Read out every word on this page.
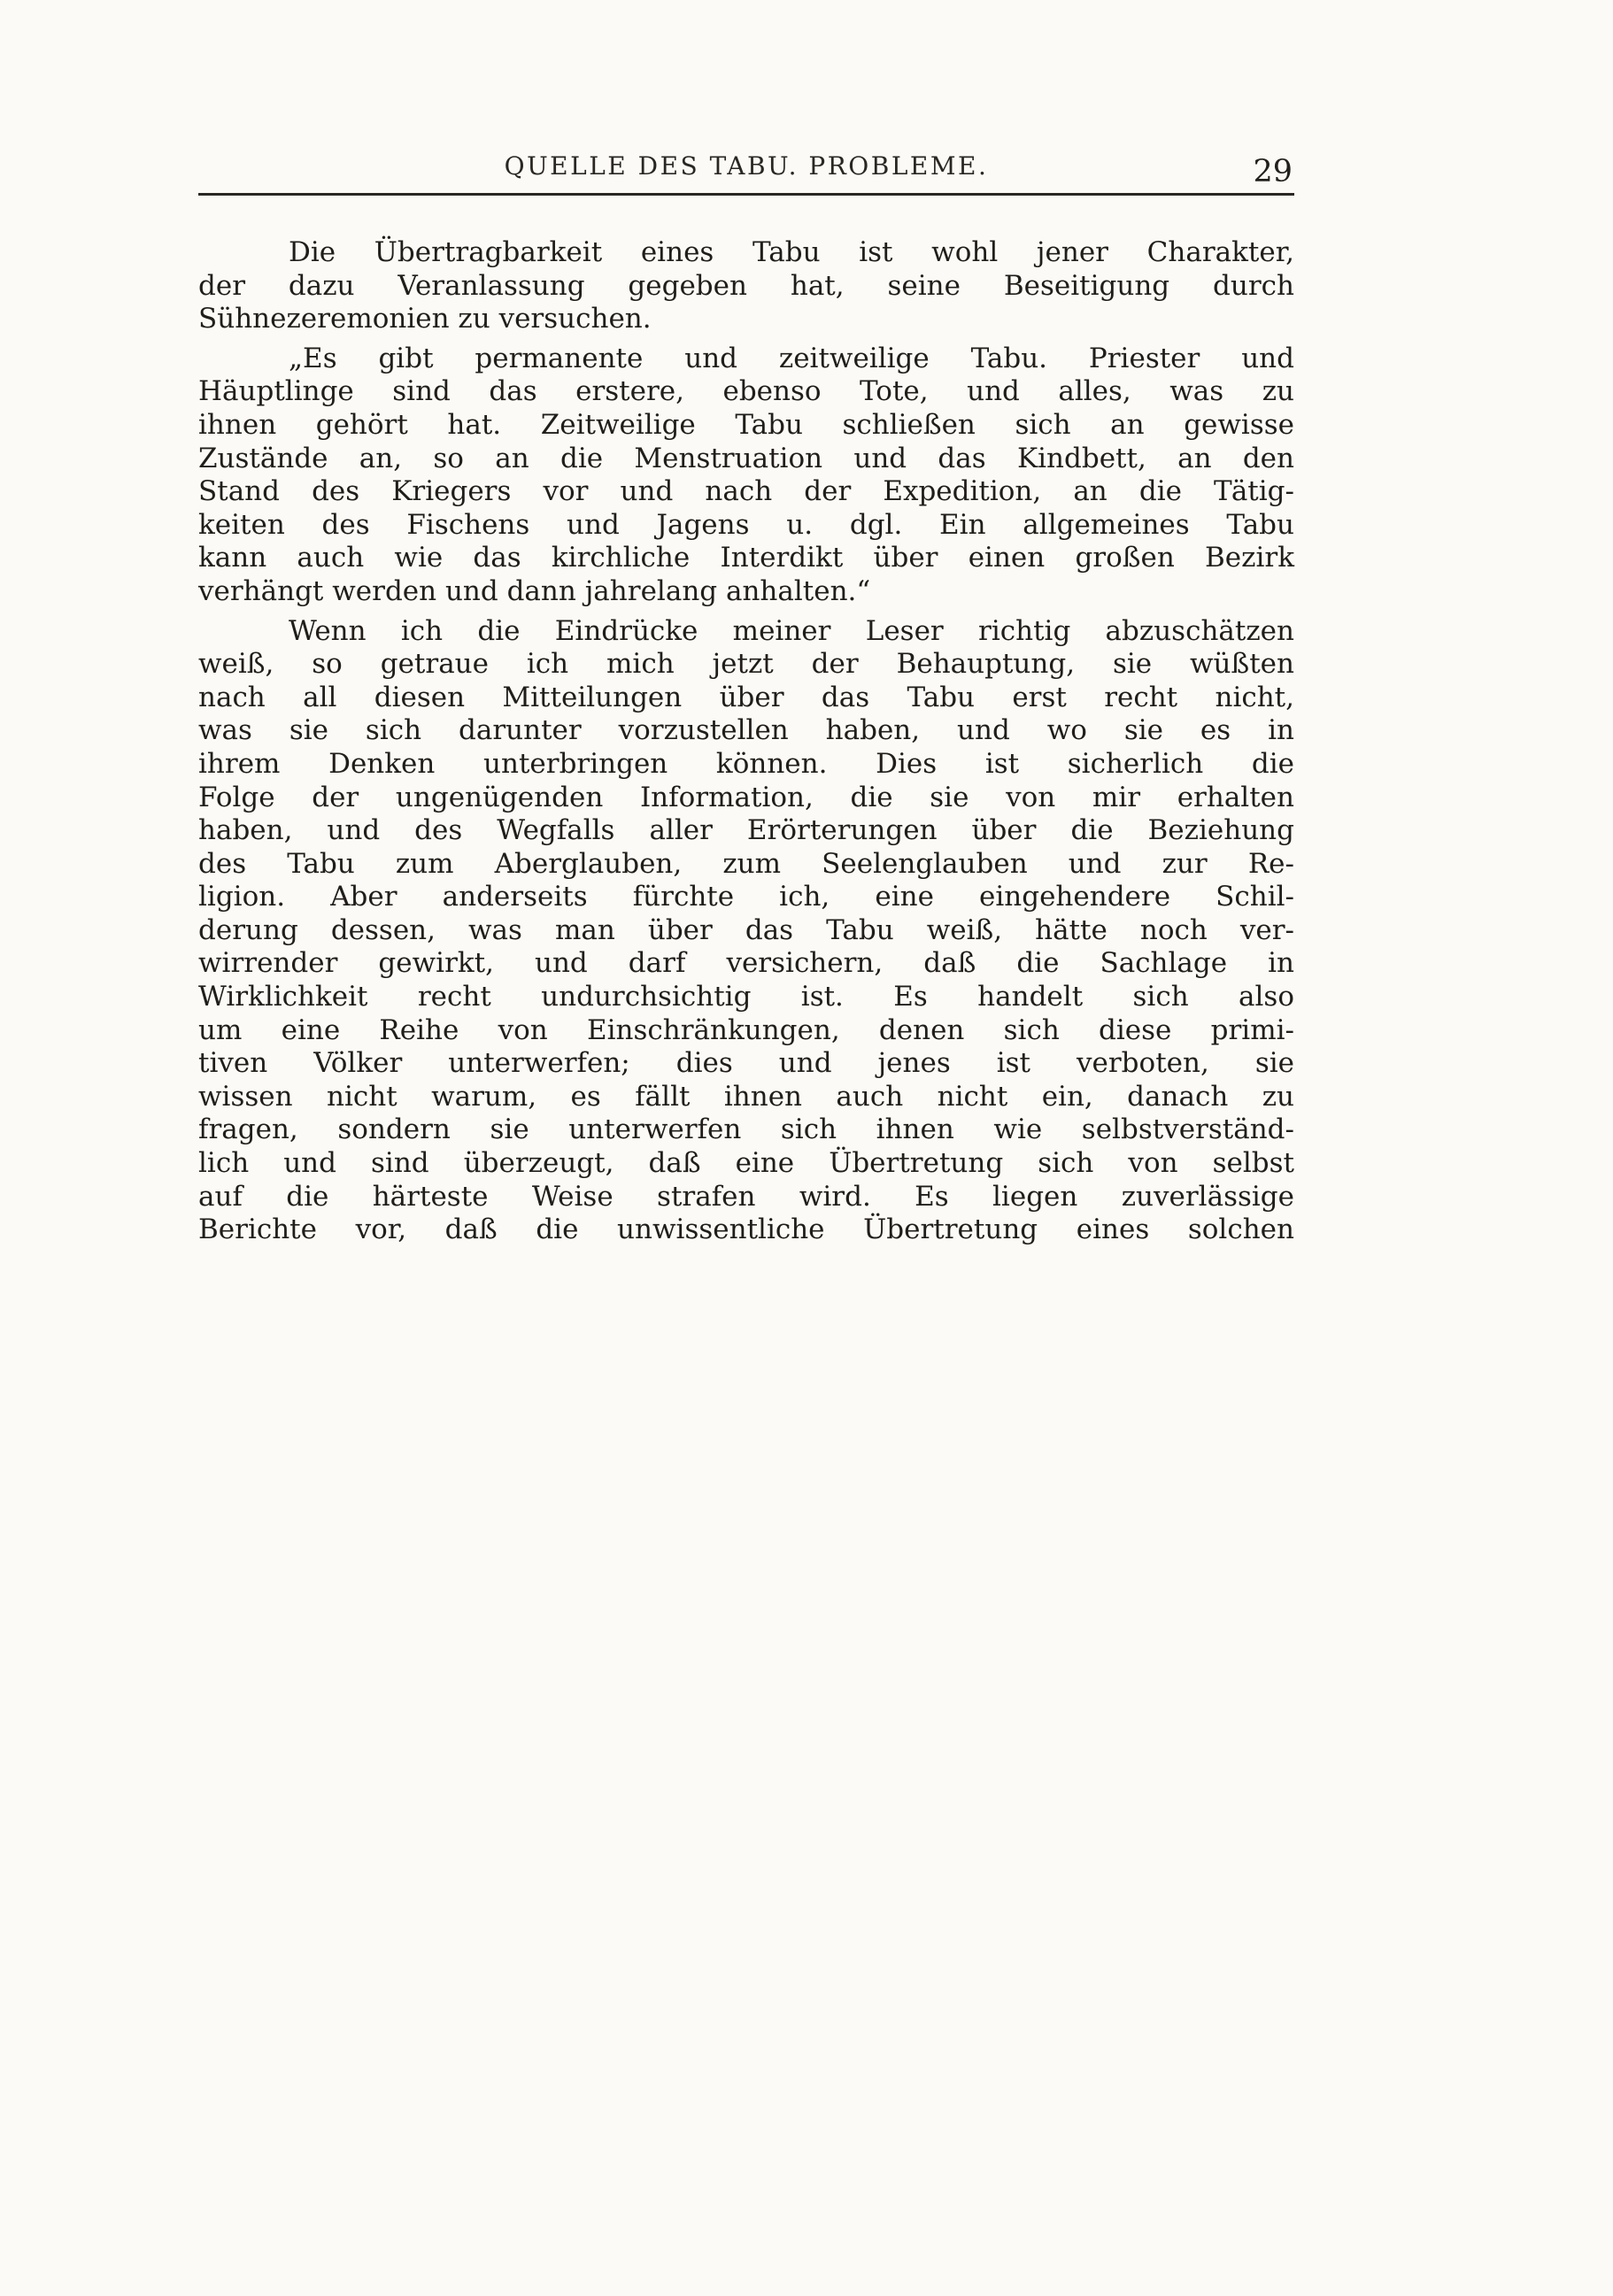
QUELLE DES TABU. PROBLEME.	29

Die Übertragbarkeit eines Tabu ist wohl jener Charakter,
der dazu Veranlassung gegeben hat, seine Beseitigung durch
Sühnezeremonien zu versuchen.

„Es gibt permanente und zeitweilige Tabu. Priester und
Häuptlinge sind das erstere, ebenso Tote, und alles, was zu
ihnen gehört hat. Zeitweilige Tabu schließen sich an gewisse
Zustände an, so an die Menstruation und das Kindbett, an den
Stand des Kriegers vor und nach der Expedition, an die Tätig-
keiten des Fischens und Jagens u. dgl. Ein allgemeines Tabu
kann auch wie das kirchliche Interdikt über einen großen Bezirk
verhängt werden und dann jahrelang anhalten.“

Wenn ich die Eindrücke meiner Leser richtig abzuschätzen
weiß, so getraue ich mich jetzt der Behauptung, sie wüßten
nach all diesen Mitteilungen über das Tabu erst recht nicht,
was sie sich darunter vorzustellen haben, und wo sie es in
ihrem Denken unterbringen können. Dies ist sicherlich die
Folge der ungenügenden Information, die sie von mir erhalten
haben, und des Wegfalls aller Erörterungen über die Beziehung
des Tabu zum Aberglauben, zum Seelenglauben und zur Re-
ligion. Aber anderseits fürchte ich, eine eingehendere Schil-
derung dessen, was man über das Tabu weiß, hätte noch ver-
wirrender gewirkt, und darf versichern, daß die Sachlage in
Wirklichkeit recht undurchsichtig ist. Es handelt sich also
um eine Reihe von Einschränkungen, denen sich diese primi-
tiven Völker unterwerfen; dies und jenes ist verboten, sie
wissen nicht warum, es fällt ihnen auch nicht ein, danach zu
fragen, sondern sie unterwerfen sich ihnen wie selbstverständ-
lich und sind überzeugt, daß eine Übertretung sich von selbst
auf die härteste Weise strafen wird. Es liegen zuverlässige
Berichte vor, daß die unwissentliche Übertretung eines solchen
